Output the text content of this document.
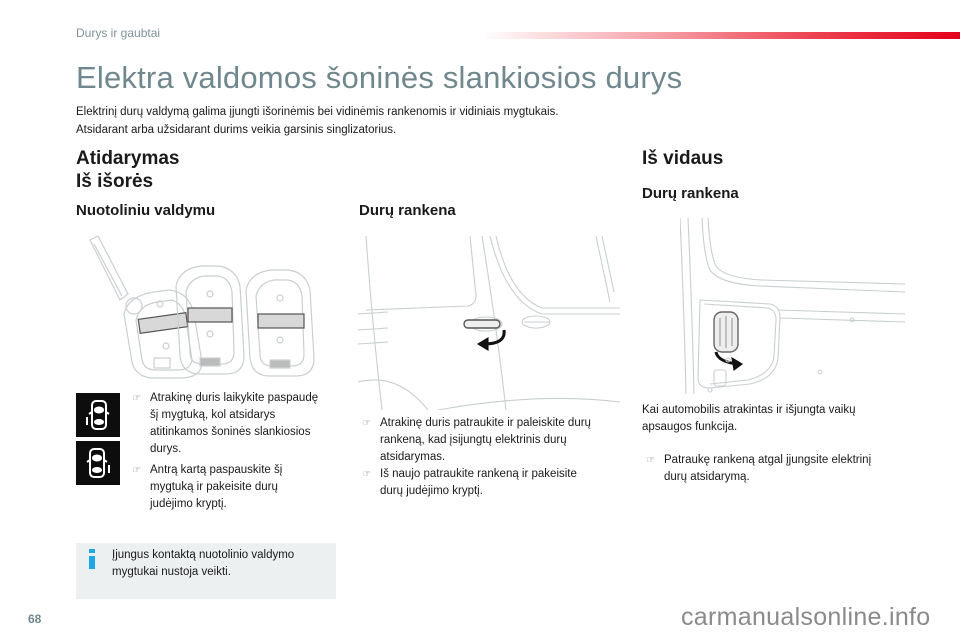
Durys ir gaubtai
Elektra valdomos šoninės slankiosios durys
Elektrinį durų valdymą galima įjungti išorinėmis bei vidinėmis rankenomis ir vidiniais mygtukais.
Atsidarant arba užsidarant durims veikia garsinis singlizatorius.
Atidarymas
Iš išorės
Nuotoliniu valdymu
☞ Atrakinę duris laikykite paspaudę
šį mygtuką, kol atsidarys
atitinkamos šoninės slankiosios
durys.
☞ Antrą kartą paspauskite šį
mygtuką ir pakeisite durų
judėjimo kryptį.
Įjungus kontaktą nuotolinio valdymo
mygtukai nustoja veikti.
Durų rankena
☞ Atrakinę duris patraukite ir paleiskite durų
rankeną, kad įsijungtų elektrinis durų
atsidarymas.
☞ Iš naujo patraukite rankeną ir pakeisite
durų judėjimo kryptį.
Iš vidaus
Durų rankena
Kai automobilis atrakintas ir išjungta vaikų
apsaugos funkcija.
☞ Patraukę rankeną atgal įjungsite elektrinį
durų atsidarymą.
68	carmanualsonline.info
